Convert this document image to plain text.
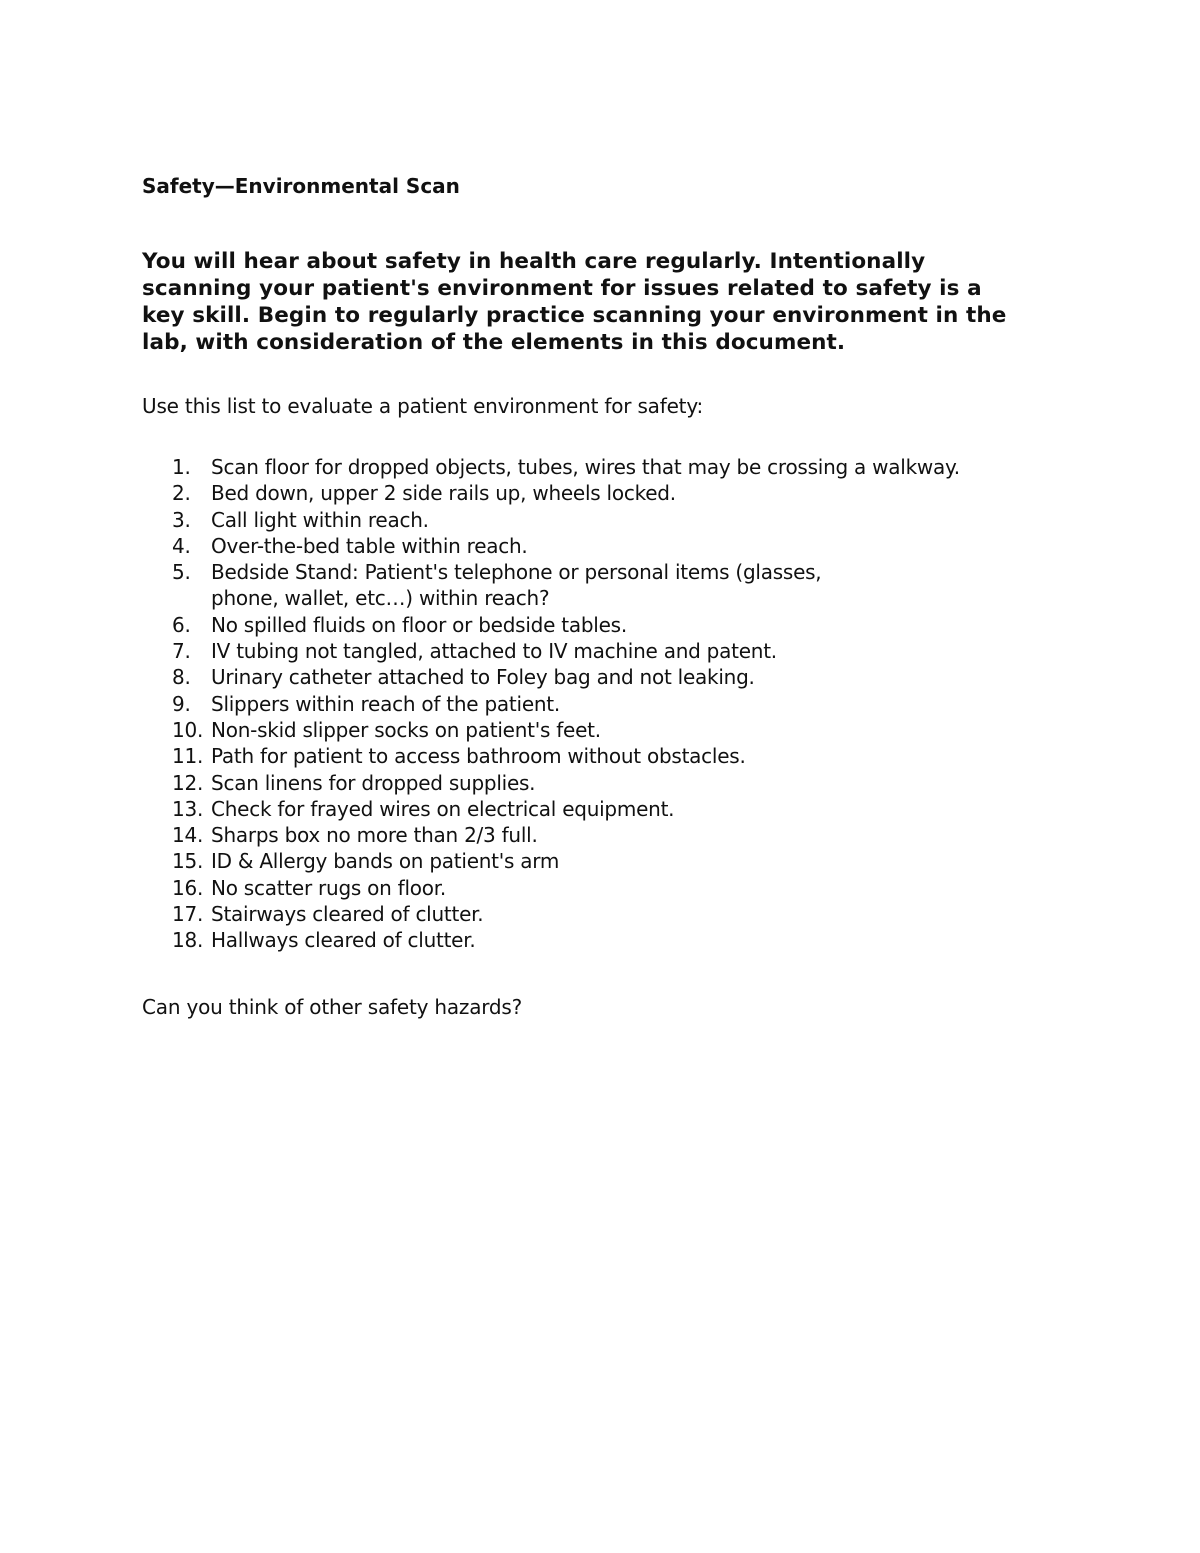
Safety—Environmental Scan

You will hear about safety in health care regularly. Intentionally scanning your patient's environment for issues related to safety is a key skill. Begin to regularly practice scanning your environment in the lab, with consideration of the elements in this document.

Use this list to evaluate a patient environment for safety:

1.	Scan floor for dropped objects, tubes, wires that may be crossing a walkway.
2.	Bed down, upper 2 side rails up, wheels locked.
3.	Call light within reach.
4.	Over-the-bed table within reach.
5.	Bedside Stand: Patient's telephone or personal items (glasses, phone, wallet, etc…) within reach?
6.	No spilled fluids on floor or bedside tables.
7.	IV tubing not tangled, attached to IV machine and patent.
8.	Urinary catheter attached to Foley bag and not leaking.
9.	Slippers within reach of the patient.
10. Non-skid slipper socks on patient's feet.
11. Path for patient to access bathroom without obstacles.
12. Scan linens for dropped supplies.
13. Check for frayed wires on electrical equipment.
14. Sharps box no more than 2/3 full.
15. ID & Allergy bands on patient's arm
16. No scatter rugs on floor.
17. Stairways cleared of clutter.
18. Hallways cleared of clutter.

Can you think of other safety hazards?
